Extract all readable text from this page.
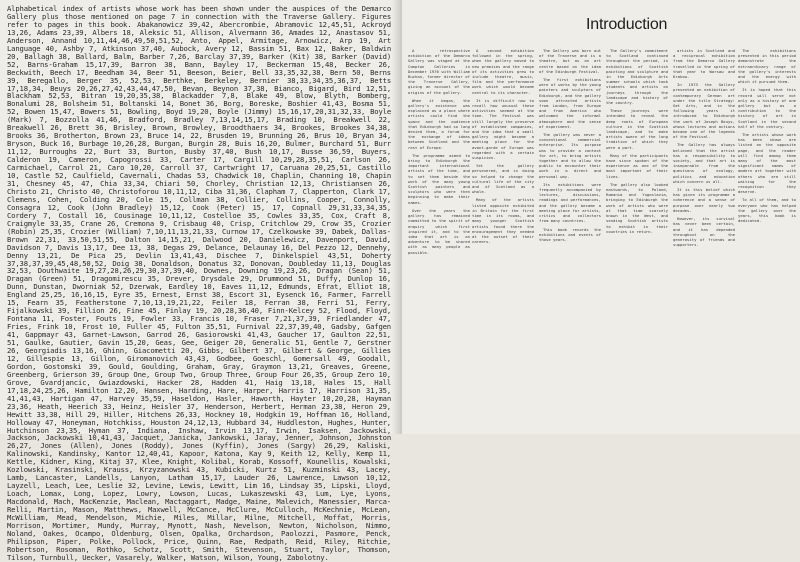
Alphabetical index of artists whose work has been shown under the auspices of the Demarco Gallery plus those mentioned on page 7 in connection with the Traverse Gallery. Figures refer to pages in this book. Abakanowicz 39,42, Abercrombie, Abramovic 12,45,51, Ackroyd 13,26, Adams 23,39, Albers 18, Aleksic 51, Allison, Alvermann 36, Amades 12, Anastasov 51, Anderson, Annand 10,11,44,46,49,50,51,52, Anto, Appel, Armitage, Arnowicz, Arp 19, Art Language 40, Ashby 7, Atkinson 37,40, Aubock, Avery 12, Bassim 51, Bax 12, Baker, Baldwin 20, Ballagh 38, Ballard, Balm, Barber 7,26, Barclay 37,39, Barker (Kit) 38, Barker (David) 52, Barns-Graham 15,17,39, Barron 38, Bann, Bayley 17, Beckerman 15,48, Becker 26, Beckwith, Beech 17, Beedham 34, Beer 51, Beeson, Beier, Bell 33,35,32,38, Bern 50, Berns 39, Beregallo, Berger 35, 52,53, Berthke, Berkeley, Bernier 38,33,34,35,36,37, Betts 17,18,34, Beuys 20,26,27,42,43,44,47,50, Bevan, Beynon 37,38, Bianco, Bigard, Bird 12,51, Blackham 52,53, Bitran 19,20,35,38, Blackadder 7,8, Blake 49, Blow, Blyth, Bomberg, Bonalumi 28, Bolsheim 51, Boltanski 14, Bonet 36, Borg, Boreske, Boshier 41,43, Bosma 51, 52, Bowen 15,47, Bowers 51, Bowling, Boyd 19,20, Boyle (Jimmy) 15,16,17,20,31,32,33, Boyle (Mark) 7, Bozzolla 41,46, Bradford, Bradley 7,13,14,15,17, Brading 10, Breakwell 22, Breakwell 26, Brett 36, Brisley, Brown, Browley, Broodthaers 34, Brookes, Brookes 34,38, Brooks 36, Brotherton, Brown 23, Bruce 14, 22, Brusden 19, Brunning 26, Brus 10, Bryan 34, Bryson, Buck 16, Burbage 10,26,28, Burgan, Burgin 28, Buis 16,20, Bulmer, Burchard 51, Burr 11,12, Burroughs 22, Burt 33, Burton, Busby 37,40, Bush 10,17, Busse 36,59, Buyers, Calderon 19, Cameron, Capogrossi 33, Carter 17, Cargill 10,29,28,35,51, Carlson 26, Carmichael, Carrol 21, Caro 10,20, Carroll 37, Cartwright 17, Caruana 20,25,51, Castillo 10, Castle 52, Caulfield, Cavernali, Chadas 53, Chadwick 10, Chaplin, Channing 10, Chapin 31, Chesney 45, 47, Chia 33,34, Chiari 50, Chorley, Christian 12,13, Christiansen 26, Christo 21, Christo 40, Christoforou 10,11,12, Ciba 31,36, Clapham 7, Clapperton, Clark 17, Clemens, Cohen, Colding 20, Cole 15, Collman 38, Collier, Collins, Cooper, Connolly, Consagra 12, Cook (John Bradley) 15,12, Cook (Peter) 15, 17, Copnall 29,31,33,34,35, Cordery 7, Costall 16, Cousinage 10,11,12, Costelloe 35, Cowles 33,35, Cox, Craft 8, Craigmyle 33,35, Crane 26, Cremona 9, Crisbaug 40, Crisp, Critchlow 29, Crow 35, Crozier (Robin) 25,35, Crozier (William) 7,10,11,13,21,33, Curnow 17, Czelkowske 39, Dabek, Dallas-Brown 22,31, 33,50,51,55, Dalton 14,15,21, Dalwood 20, Danielewicz, Davenport, David, Davidson 7, Davis 13,17, Dee 13, 38, Degas 29, Delance, Delaunay 16, Del Pezzo 12, Dennehy, Denny 13,21, De Pica 25, Devlin 13,41,43, Dischee 7, Dinkelspiel 43,51, Doherty 37,38,37,39,45,48,50,52, Doig 38, Donaldson, Donatus 32, Donovan, Doubleday 11,13, Douglas 32,53, Douthwaite 19,27,28,26,29,30,37,39,40, Downes, Downing 19,23,26, Dragan (Sean) 51, Dragan (Green) 51, Dragomirescu 35, Drever, Drysdale 29, Drummond 51, Duffy, Dunlop 16, Dunn, Dunstan, Dworniak 52, Dzerwak, Eardley 10, Eaves 11,12, Edmunds, Efrat, Elliot 18, England 25,25, 16,16,15, Eyre 35, Ernest, Ernst 38, Escort 31, Eysenck 16, Farmer, Farrell 15, Fearn 35, Featherstone 7,10,13,19,21,22, Feiler 18, Ferran 38, Ferri 51, Ferry, Fijalkowski 39, Fillion 26, Fine 45, Finlay 19, 20,28,36,40, Finn-Kelcey 52, Flood, Floyd, Fontana 11, Foster, Fouts 19, Fowler 33, Francis 10, Fraser 7,21,37,39, Friedlander 47, Fries, Frink 10, Frost 10, Fuller 45, Fulton 35,51, Furnival 22,37,39,40, Gadsby, Gafgen 41, Gappmayr 43, Garnet-Lawson, Garrod 26, Gasiorowski 41,43, Gaucher 17, Gaulton 22,51, 51, Gaulke, Gautier, Gavin 15,20, Geas, Gee, Geiger 20, Generalic 51, Gentle 7, Gerstner 26, Georgiadis 13,16, Ghinn, Giacometti 20, Gibbs, Gilbert 37, Gilbert & George, Gillies 12, Gillespie 13, Gillon, Giromanovich 43,43, Godbee, Goeschl, Gomersall 49, Goodall, Gordon, Gostomski 39, Gould, Goulding, Graham, Gray, Graymon 13,21, Greaves, Greene, Greenberg, Grierson 39, Group One, Group Two, Group Three, Group Four 26,35, Group Zero 10, Grove, Gvardjancic, Gwiazdowski, Hacker 28, Hadden 41, Haig 13,18, Hales 15, Hall 17,18,24,25,26, Hamilton 12,20, Hansen, Harding, Hare, Harper, Harris 17, Harrison 31,35, 41,41,43, Hartigan 47, Harvey 35,59, Haseldon, Hasler, Haworth, Hayter 10,20,28, Hayman 23,36, Heath, Heerich 33, Heinz, Heisler 37, Henderson, Herbert, Herman 23,38, Heron 29, Hewitt 33,38, Hill 29, Hiller, Hitchens 26,33, Hockney 10, Hodgkin 19, Hoffman 16, Holland, Holloway 47, Honeyman, Hotchkiss, Houston 24,12,13, Hubbard 34, Huddleston, Hughes, Hunter, Hutchinson 23,35, Hyman 37, Indiana, Inshaw, Irvin 13,17, Irwin, Isaksen, Jackowski, Jackson, Jackowski 10,41,43, Jacquet, Janicka, Jankowski, Jaray, Jenner, Johnson, Johnston 26,27, Jones (Allen), Jones (Roddy), Jones (Kyffin), Jones (Sargy) 26,29, Kaliski, Kalinowski, Kandinsky, Kantor 12,40,41, Kapoor, Katona, Kay 9, Keith 12, Kelly, Kemp 11, Kettle, Kidner, King, Kitaj 37, Klee, Knight, Kolibal, Korab, Kossoff, Kounellis, Kowalski, Kozlowski, Krasinski, Krauss, Krzyzanowski 43, Kubicki, Kurtz 51, Kuzminski 43, Lacey, Lamb, Lancaster, Landells, Lanyon, Latham 15,17, Lauder 26, Lawrence, Lawson 10,12, Layzell, Leach, Lee, Leslie 32, Levine, Lewis, Lewitt, Lim 16, Lindsay 35, Lipski, Lloyd, Loach, Lomax, Long, Lopez, Lowry, Lowson, Lucas, Lukaszewski 43, Lum, Lye, Lyons, Macdonald, Mach, MacKenzie, Maclean, Mactaggart, Madge, Maine, Malevich, Manessier, Marca-Relli, Martin, Mason, Matthews, Maxwell, McCance, McClure, McCulloch, McKechnie, McLean, McWilliam, Mead, Mendelson, Michie, Miles, Millar, Milne, Mitchell, Moffat, Morris, Morrison, Mortimer, Mundy, Murray, Mynott, Nash, Nevelson, Newton, Nicholson, Nimmo, Noland, Oakes, Ocampo, Oldenburg, Olsen, Opalka, Orchardson, Paolozzi, Pasmore, Penck, Philipson, Piper, Polke, Pollock, Price, Quinn, Rae, Redpath, Reid, Riley, Ritchie, Robertson, Rosoman, Rothko, Schotz, Scott, Smith, Stevenson, Stuart, Taylor, Thomson, Tilson, Turnbull, Uecker, Vasarely, Walker, Watson, Wilson, Young, Zabolotny.
Introduction

A retrospective exhibition of the Demarco Gallery was staged at the Compton Galleries in December 1976 with William Buchan, former director of the Traverse Gallery, giving an account of the origins of the gallery.

When it began, the gallery's existence was explained as a place where artists could find the space and the audience that Edinburgh had so long denied them, a forum for the exchange of ideas between Scotland and the rest of Europe.

The programme aimed to bring to Edinburgh the important international artists of the time, and to set them beside the work of the many young Scottish painters and sculptors who were then beginning to make their names.

Over the years the gallery has remained committed to the spirit of enquiry which first inspired it, and to the idea that art is an adventure to be shared with as many people as possible.

A second exhibition followed in the spring, when the gallery moved to new premises and the range of its activities grew to include theatre, music, film and the performance work which would become central to its character.

It is difficult now to recall how unusual these activities seemed at the time. The Festival was still largely the preserve of established companies, and the idea that a small gallery might become a meeting place for the avant-garde of Europe was regarded with a certain suspicion.

Yet the gallery persevered, and in doing so helped to change the cultural life of the city and of Scotland as a whole.

Many of the artists listed opposite exhibited in Britain for the first time in its rooms, and many younger Scottish artists found there the encouragement they needed at the outset of their careers.

The Gallery was born out of the Traverse and is a theatre, but as an art centre based on the idea of the Edinburgh Festival.

The first exhibitions were of works by the young painters and sculptors of Edinburgh, and the gallery soon attracted artists from London, from Europe and from America who welcomed the informal atmosphere and the sense of experiment.

The gallery was never a conventional commercial enterprise. Its purpose was to provide a context for art, to bring artists together and to allow the public to encounter their work in a direct and personal way.

Its exhibitions were frequently accompanied by lectures, discussions, readings and performances, and the gallery became a meeting place for artists, critics and collectors from many countries.

This book records the exhibitions and events of those years.

The Gallery's commitment to Scotland continued throughout the period, in exhibitions of Scottish painting and sculpture and in the Edinburgh Arts summer schools which took students and artists on journeys through the landscape and history of the country.

These journeys were intended to reveal the deep roots of European culture in the Scottish landscape, and to make artists aware of the long tradition of which they were a part.

Many of the participants have since spoken of the experience as one of the most important of their lives.

The gallery also looked eastwards, to Poland, Romania and Yugoslavia, bringing to Edinburgh the work of artists who were at that time scarcely known in the West, and sending Scottish artists to exhibit in their countries in return.

artists in Scotland and a reciprocal exhibition from the Demarco Gallery travelled in the spring of that year to Warsaw and Krakow.

In 1973 the Gallery presented an exhibition of contemporary German art under the title Strategy: Get Arts, and in the following years it introduced to Edinburgh the work of Joseph Beuys, whose lectures and actions became one of the legends of the Festival.

The Gallery has always believed that the artist has a responsibility to society, and that art is inseparable from the questions of ecology, politics and education which concern us all.

It is this belief which has given its programme a coherence and a sense of purpose over nearly two decades.

However, its survival has never been certain, and it has depended throughout on the generosity of friends and supporters.

The exhibitions presented in this period demonstrate the extraordinary range of the gallery's interests and the energy with which it pursued them.

It is hoped that this record will serve not only as a history of one gallery but as a contribution to the history of art in Scotland in the second half of the century.

The artists whose work has been shown are listed on the opposite page, and the reader will find among them many of the most significant names of modern art together with others who are still waiting for the recognition they deserve.

To all of them, and to everyone who has helped the gallery over the years, this book is dedicated.
